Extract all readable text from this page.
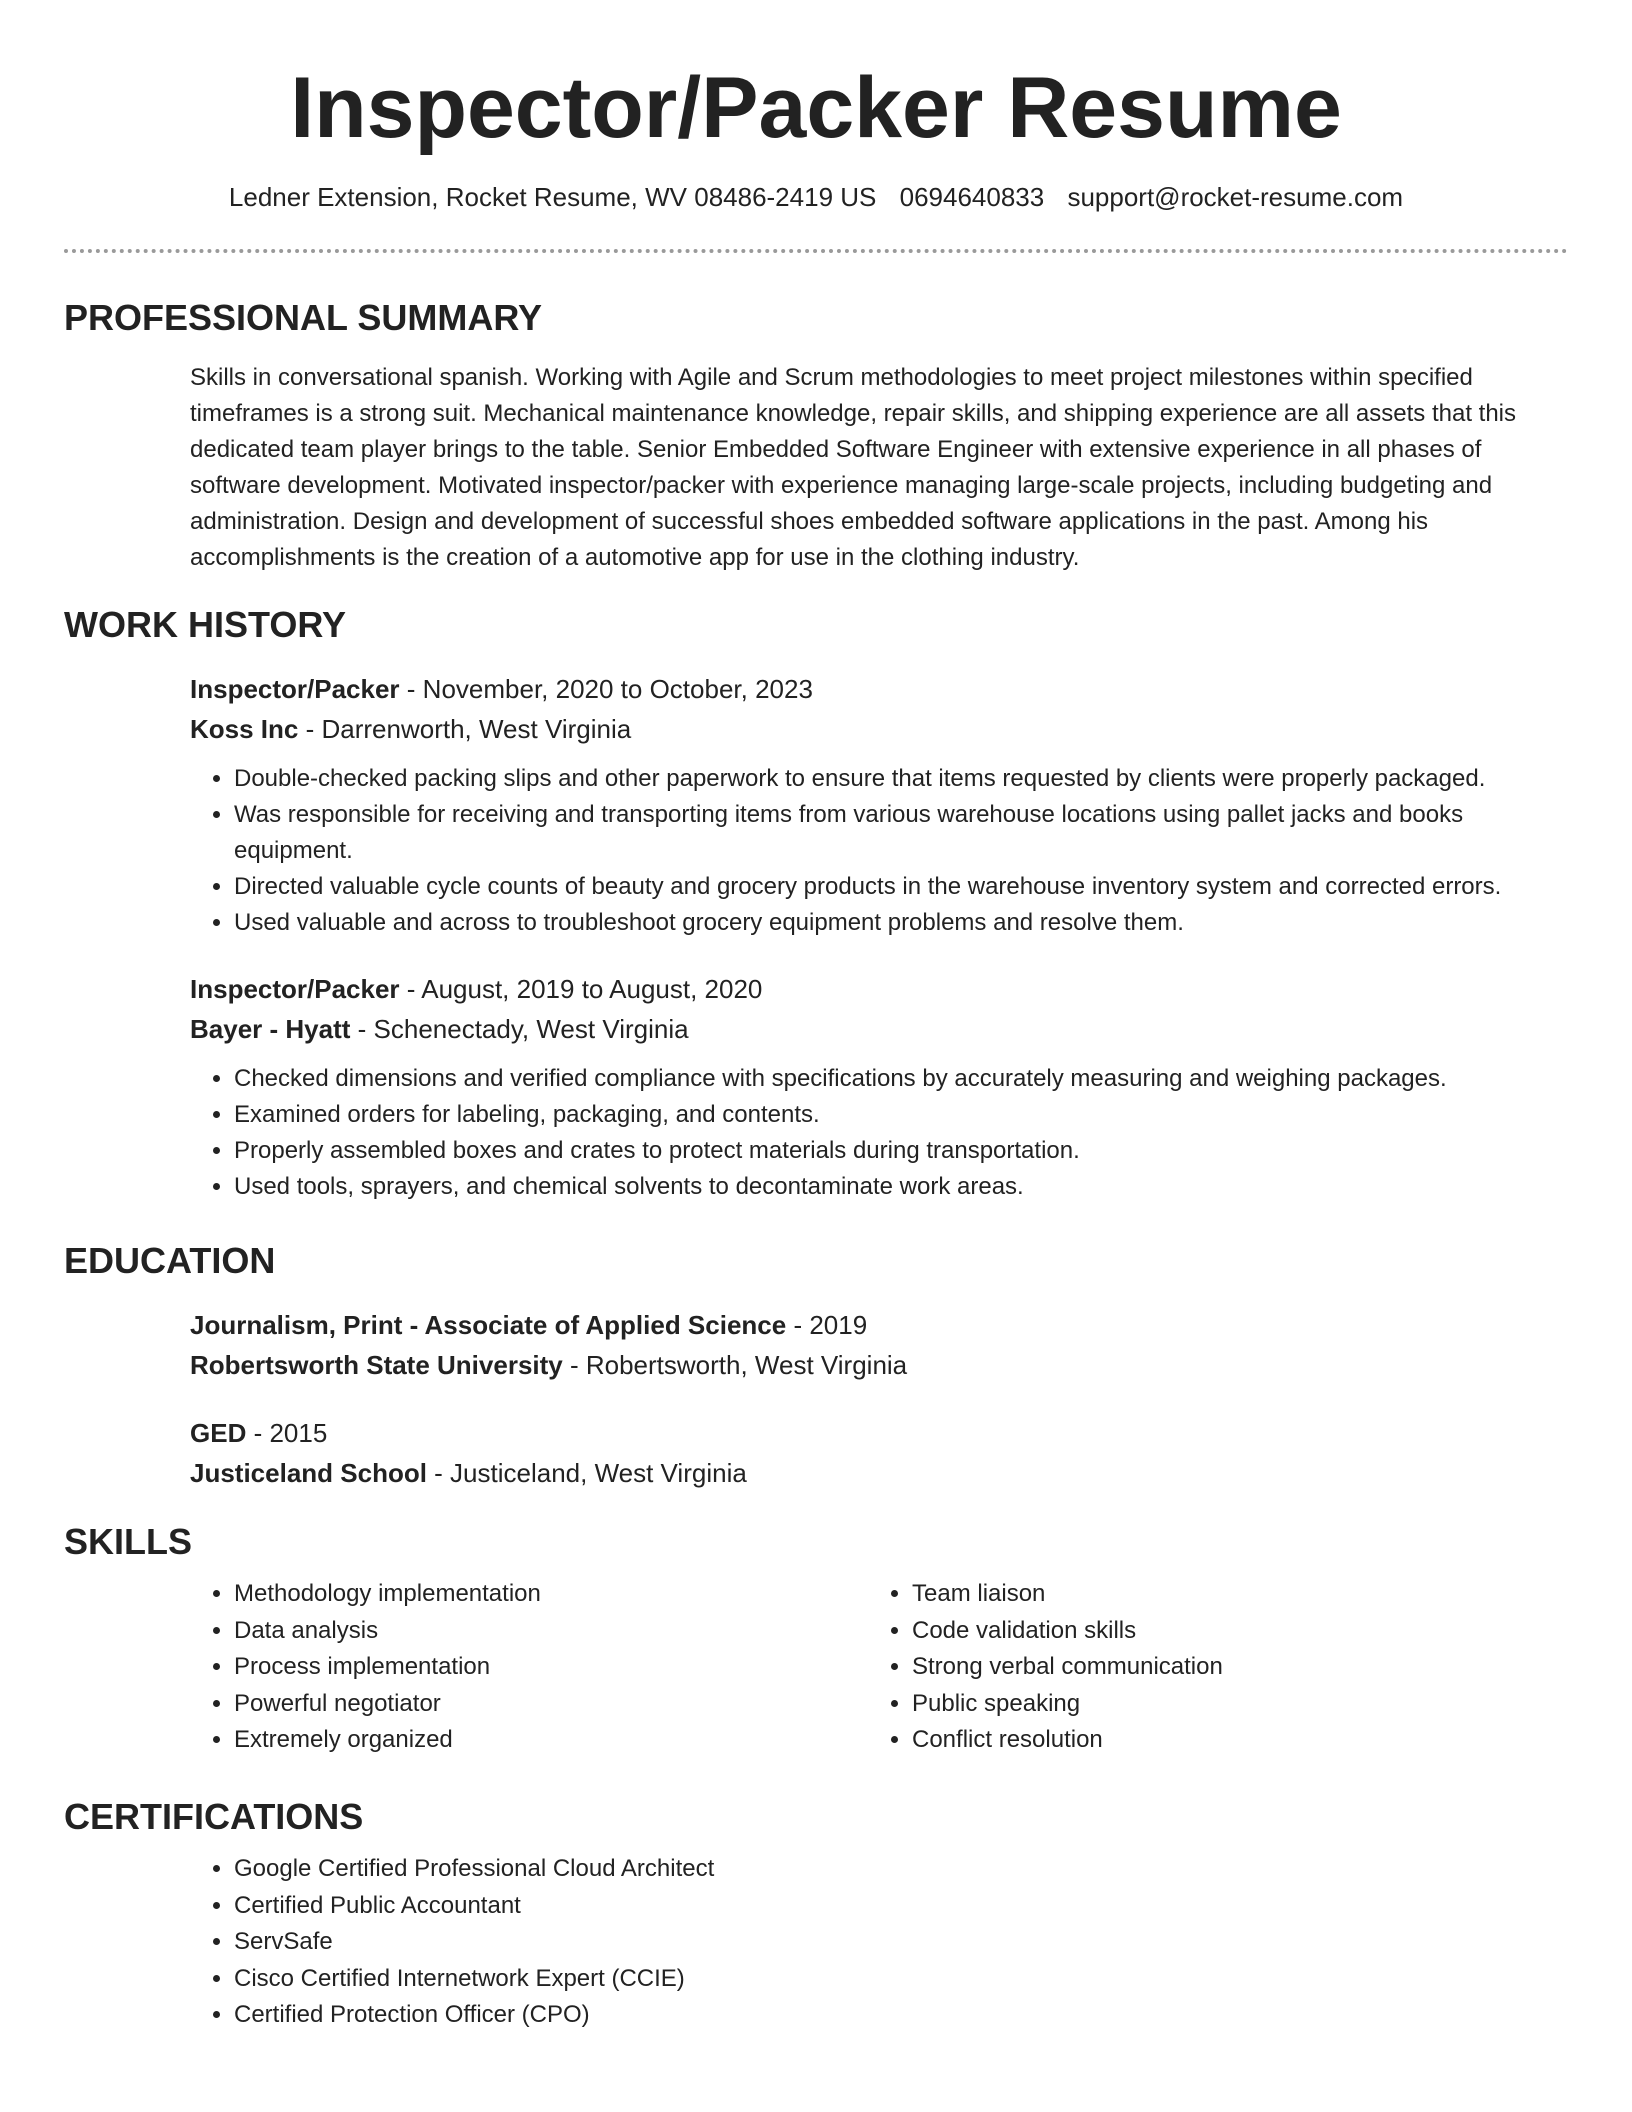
Inspector/Packer Resume
Ledner Extension, Rocket Resume, WV 08486-2419 US 0694640833 support@rocket-resume.com
PROFESSIONAL SUMMARY
Skills in conversational spanish. Working with Agile and Scrum methodologies to meet project milestones within specified timeframes is a strong suit. Mechanical maintenance knowledge, repair skills, and shipping experience are all assets that this dedicated team player brings to the table. Senior Embedded Software Engineer with extensive experience in all phases of software development. Motivated inspector/packer with experience managing large-scale projects, including budgeting and administration. Design and development of successful shoes embedded software applications in the past. Among his accomplishments is the creation of a automotive app for use in the clothing industry.
WORK HISTORY
Inspector/Packer - November, 2020 to October, 2023
Koss Inc - Darrenworth, West Virginia
• Double-checked packing slips and other paperwork to ensure that items requested by clients were properly packaged.
• Was responsible for receiving and transporting items from various warehouse locations using pallet jacks and books equipment.
• Directed valuable cycle counts of beauty and grocery products in the warehouse inventory system and corrected errors.
• Used valuable and across to troubleshoot grocery equipment problems and resolve them.
Inspector/Packer - August, 2019 to August, 2020
Bayer - Hyatt - Schenectady, West Virginia
• Checked dimensions and verified compliance with specifications by accurately measuring and weighing packages.
• Examined orders for labeling, packaging, and contents.
• Properly assembled boxes and crates to protect materials during transportation.
• Used tools, sprayers, and chemical solvents to decontaminate work areas.
EDUCATION
Journalism, Print - Associate of Applied Science - 2019
Robertsworth State University - Robertsworth, West Virginia
GED - 2015
Justiceland School - Justiceland, West Virginia
SKILLS
• Methodology implementation
• Data analysis
• Process implementation
• Powerful negotiator
• Extremely organized
• Team liaison
• Code validation skills
• Strong verbal communication
• Public speaking
• Conflict resolution
CERTIFICATIONS
• Google Certified Professional Cloud Architect
• Certified Public Accountant
• ServSafe
• Cisco Certified Internetwork Expert (CCIE)
• Certified Protection Officer (CPO)
